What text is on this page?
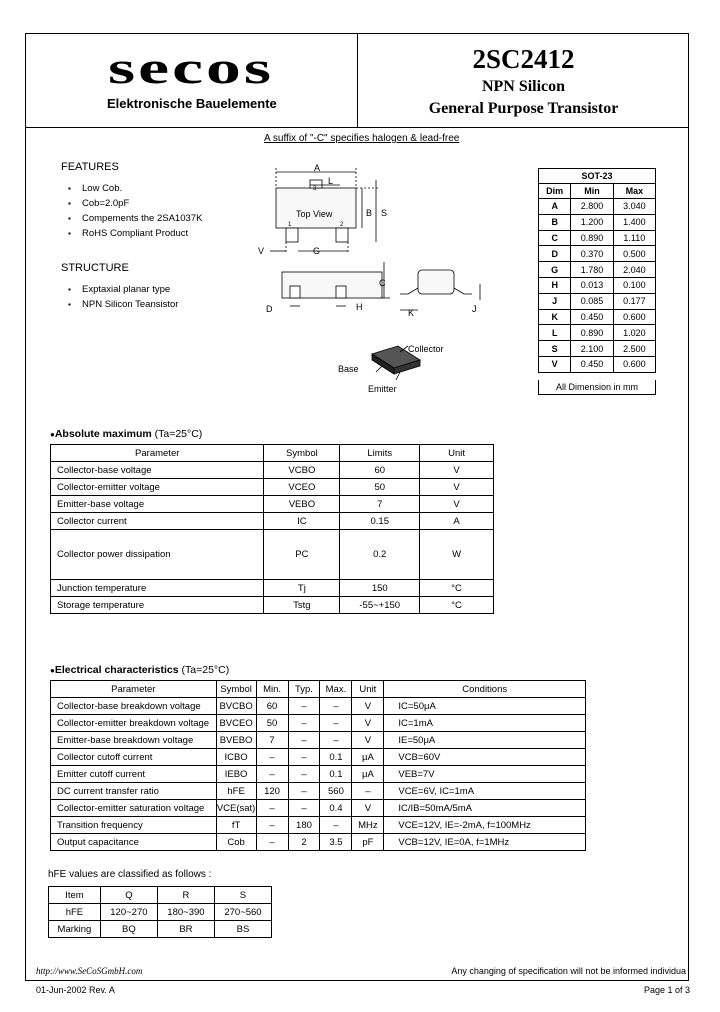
secos
Elektronische Bauelemente
2SC2412
NPN Silicon
General Purpose Transistor
A suffix of "-C" specifies halogen & lead-free
FEATURES
▪ Low Cob.
▪ Cob=2.0pF
▪ Compements the 2SA1037K
▪ RoHS Compliant Product
STRUCTURE
▪ Exptaxial planar type
▪ NPN Silicon Teansistor
A
L
3
Top View
1	2
B S
V	G
C
D	H
K	J
Collector
Base
Emitter
SOT-23		
Dim	Min	Max
A	2.800	3.040
B	1.200	1.400
C	0.890	1.110
D	0.370	0.500
G	1.780	2.040
H	0.013	0.100
J	0.085	0.177
K	0.450	0.600
L	0.890	1.020
S	2.100	2.500
V	0.450	0.600
All Dimension in mm
●Absolute maximum (Ta=25°C)
Parameter	Symbol	Limits	Unit
Collector-base voltage	VCBO	60	V
Collector-emitter voltage	VCEO	50	V
Emitter-base voltage	VEBO	7	V
Collector current	IC	0.15	A
Collector power dissipation	PC	0.2	W
Junction temperature	Tj	150	°C
Storage temperature	Tstg	-55~+150	°C
●Electrical characteristics (Ta=25°C)
Parameter	Symbol	Min.	Typ.	Max.	Unit	Conditions
Collector-base breakdown voltage	BVCBO	60	–	–	V	IC=50μA
Collector-emitter breakdown voltage	BVCEO	50	–	–	V	IC=1mA
Emitter-base breakdown voltage	BVEBO	7	–	–	V	IE=50μA
Collector cutoff current	ICBO	–	–	0.1	μA	VCB=60V
Emitter cutoff current	IEBO	–	–	0.1	μA	VEB=7V
DC current transfer ratio	hFE	120	–	560	–	VCE=6V, IC=1mA
Collector-emitter saturation voltage	VCE(sat)	–	–	0.4	V	IC/IB=50mA/5mA
Transition frequency	fT	–	180	–	MHz	VCE=12V, IE=-2mA, f=100MHz
Output capacitance	Cob	–	2	3.5	pF	VCB=12V, IE=0A, f=1MHz
hFE values are classified as follows :
Item	Q	R	S
hFE	120~270	180~390	270~560
Marking	BQ	BR	BS
http://www.SeCoSGmbH.com	Any changing of specification will not be informed individua
01-Jun-2002 Rev. A	Page 1 of 3
